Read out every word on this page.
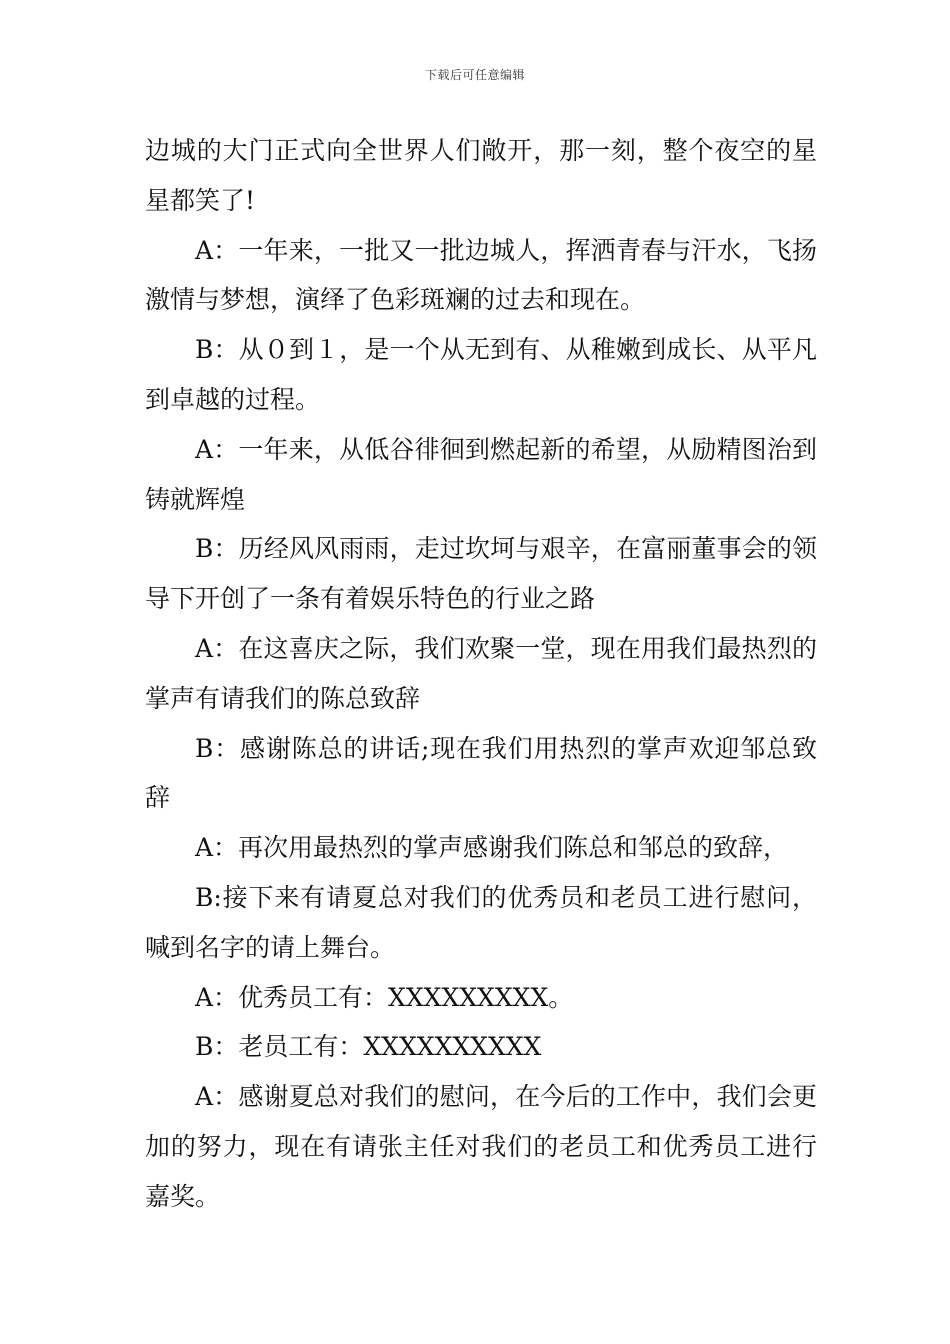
下载后可任意编辑

边城的大门正式向全世界人们敞开，那一刻，整个夜空的星星都笑了!

A：一年来，一批又一批边城人，挥洒青春与汗水，飞扬激情与梦想，演绎了色彩斑斓的过去和现在。

B：从０到１，是一个从无到有、从稚嫩到成长、从平凡到卓越的过程。

A：一年来，从低谷徘徊到燃起新的希望，从励精图治到铸就辉煌

B：历经风风雨雨，走过坎坷与艰辛，在富丽董事会的领导下开创了一条有着娱乐特色的行业之路

A：在这喜庆之际，我们欢聚一堂，现在用我们最热烈的掌声有请我们的陈总致辞

B：感谢陈总的讲话;现在我们用热烈的掌声欢迎邹总致辞

A：再次用最热烈的掌声感谢我们陈总和邹总的致辞，

B:接下来有请夏总对我们的优秀员和老员工进行慰问，喊到名字的请上舞台。

A：优秀员工有：XXXXXXXXX。

B：老员工有：XXXXXXXXXX

A：感谢夏总对我们的慰问，在今后的工作中，我们会更加的努力，现在有请张主任对我们的老员工和优秀员工进行嘉奖。
